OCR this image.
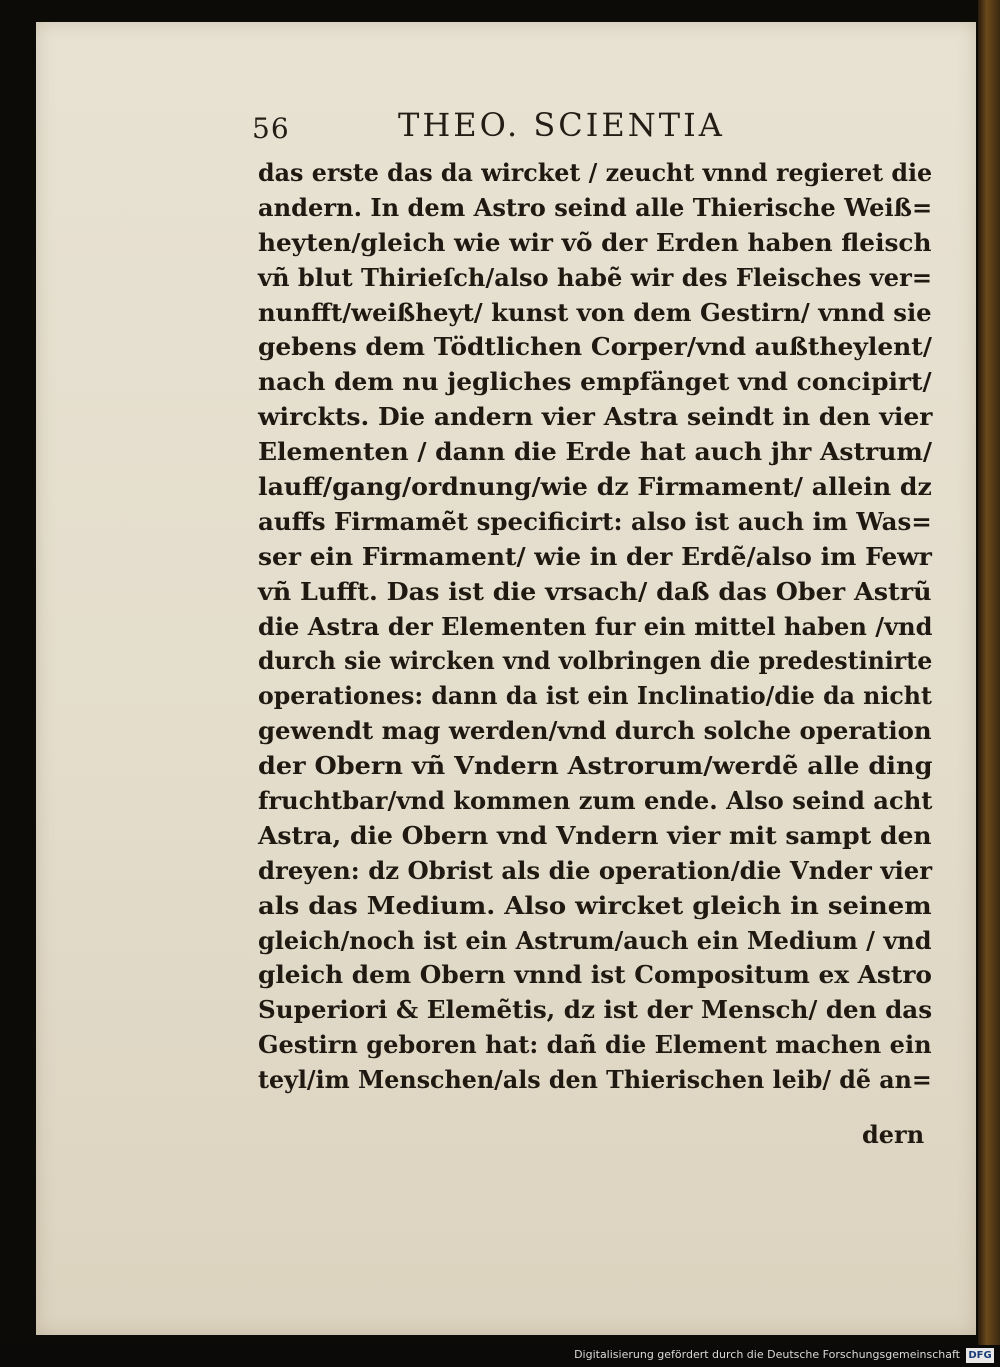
56	THEO. SCIENTIA
das erste das da wircket / zeucht vnnd regieret die
andern. In dem Astro seind alle Thierische Weiß=
heyten/gleich wie wir võ der Erden haben fleisch
vñ blut Thirieſch/also habẽ wir des Fleisches ver=
nunfft/weißheyt/ kunst von dem Gestirn/ vnnd sie
gebens dem Tödtlichen Corper/vnd außtheylent/
nach dem nu jegliches empfänget vnd concipirt/
wirckts. Die andern vier Astra seindt in den vier
Elementen / dann die Erde hat auch jhr Astrum/
lauff/gang/ordnung/wie dz Firmament/ allein dz
auffs Firmamẽt specificirt: also ist auch im Was=
ser ein Firmament/ wie in der Erdẽ/also im Fewr
vñ Lufft. Das ist die vrsach/ daß das Ober Astrũ
die Astra der Elementen fur ein mittel haben /vnd
durch sie wircken vnd volbringen die predestinirte
operationes: dann da ist ein Inclinatio/die da nicht
gewendt mag werden/vnd durch solche operation
der Obern vñ Vndern Astrorum/werdẽ alle ding
fruchtbar/vnd kommen zum ende. Also seind acht
Astra, die Obern vnd Vndern vier mit sampt den
dreyen: dz Obrist als die operation/die Vnder vier
als das Medium. Also wircket gleich in seinem
gleich/noch ist ein Astrum/auch ein Medium / vnd
gleich dem Obern vnnd ist Compositum ex Astro
Superiori & Elemẽtis, dz ist der Mensch/ den das
Gestirn geboren hat: dañ die Element machen ein
teyl/im Menschen/als den Thierischen leib/ dẽ an=
dern
Digitalisierung gefördert durch die Deutsche Forschungsgemeinschaft DFG
